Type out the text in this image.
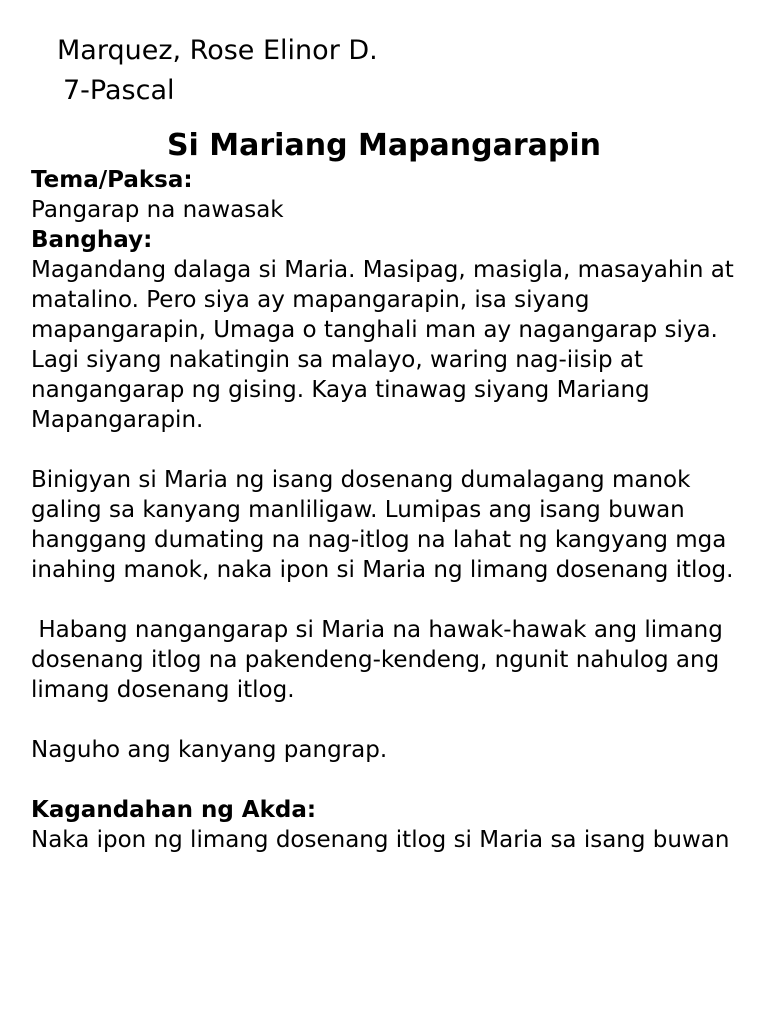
Marquez, Rose Elinor D.

7-Pascal

Si Mariang Mapangarapin

Tema/Paksa:

Pangarap na nawasak

Banghay:

Magandang dalaga si Maria. Masipag, masigla, masayahin at matalino. Pero siya ay mapangarapin, isa siyang mapangarapin, Umaga o tanghali man ay nagangarap siya. Lagi siyang nakatingin sa malayo, waring nag-iisip at nangangarap ng gising. Kaya tinawag siyang Mariang Mapangarapin.

Binigyan si Maria ng isang dosenang dumalagang manok galing sa kanyang manliligaw. Lumipas ang isang buwan hanggang dumating na nag-itlog na lahat ng kangyang mga inahing manok, naka ipon si Maria ng limang dosenang itlog.

Habang nangangarap si Maria na hawak-hawak ang limang dosenang itlog na pakendeng-kendeng, ngunit nahulog ang limang dosenang itlog.

Naguho ang kanyang pangrap.

Kagandahan ng Akda:

Naka ipon ng limang dosenang itlog si Maria sa isang buwan
